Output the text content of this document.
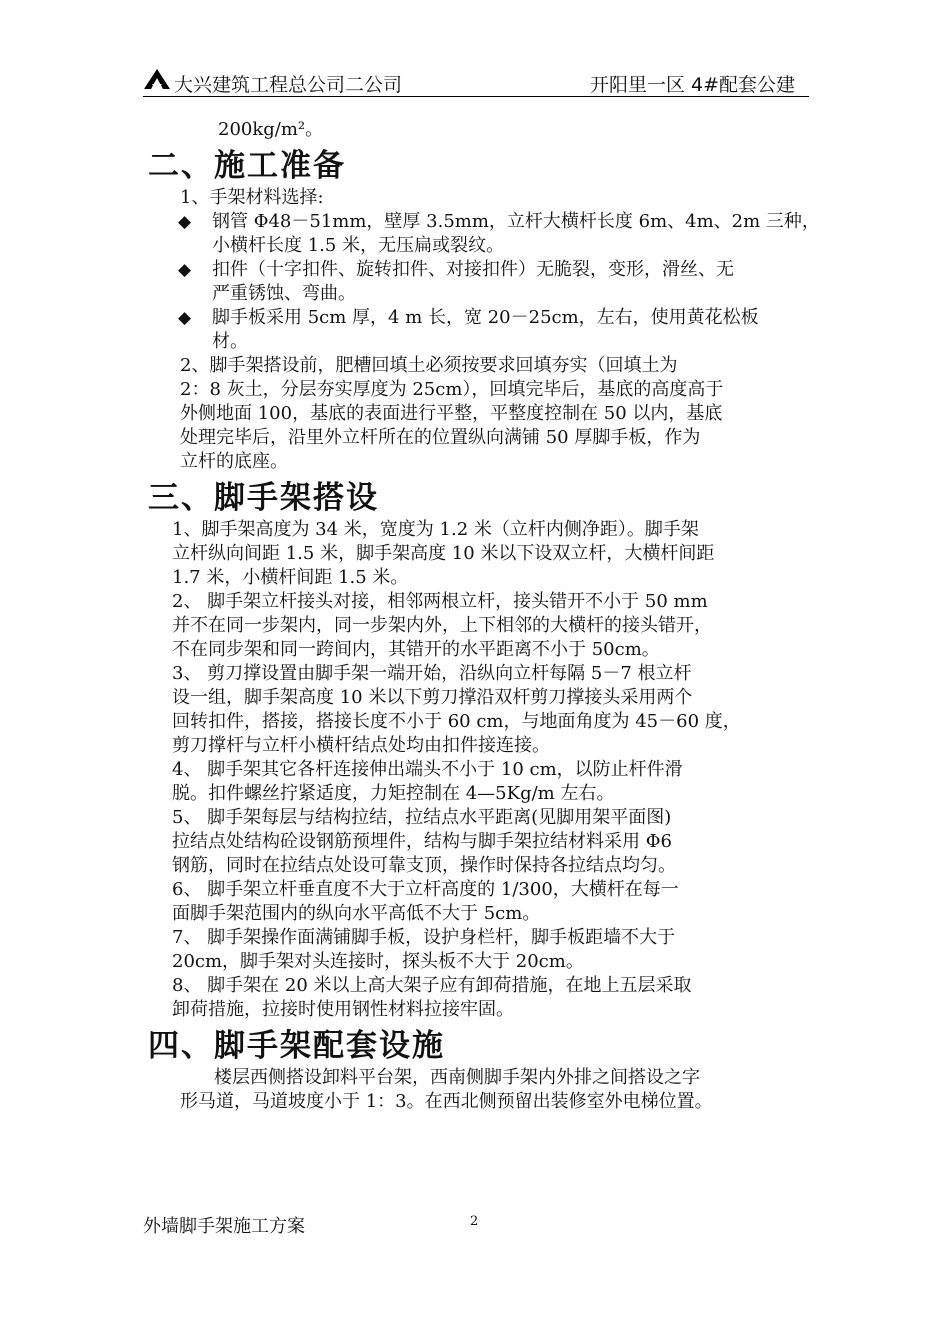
大兴建筑工程总公司二公司	开阳里一区 4#配套公建
200kg/m²。
二、施工准备
1、手架材料选择:
◆ 钢管 Φ48－51mm，壁厚 3.5mm，立杆大横杆长度 6m、4m、2m 三种，
小横杆长度 1.5 米，无压扁或裂纹。
◆ 扣件（十字扣件、旋转扣件、对接扣件）无脆裂，变形，滑丝、无
严重锈蚀、弯曲。
◆ 脚手板采用 5cm 厚，4 m 长，宽 20－25cm，左右，使用黄花松板
材。
2、脚手架搭设前，肥槽回填土必须按要求回填夯实（回填土为
2：8 灰土，分层夯实厚度为 25cm），回填完毕后，基底的高度高于
外侧地面 100，基底的表面进行平整，平整度控制在 50 以内，基底
处理完毕后，沿里外立杆所在的位置纵向满铺 50 厚脚手板，作为
立杆的底座。
三、脚手架搭设
1、脚手架高度为 34 米，宽度为 1.2 米（立杆内侧净距）。脚手架
立杆纵向间距 1.5 米，脚手架高度 10 米以下设双立杆，大横杆间距
1.7 米，小横杆间距 1.5 米。
2、 脚手架立杆接头对接，相邻两根立杆，接头错开不小于 50 mm
并不在同一步架内，同一步架内外，上下相邻的大横杆的接头错开，
不在同步架和同一跨间内，其错开的水平距离不小于 50cm。
3、 剪刀撑设置由脚手架一端开始，沿纵向立杆每隔 5－7 根立杆
设一组，脚手架高度 10 米以下剪刀撑沿双杆剪刀撑接头采用两个
回转扣件，搭接，搭接长度不小于 60 cm，与地面角度为 45－60 度，
剪刀撑杆与立杆小横杆结点处均由扣件接连接。
4、 脚手架其它各杆连接伸出端头不小于 10 cm，以防止杆件滑
脱。扣件螺丝拧紧适度，力矩控制在 4—5Kg/m 左右。
5、 脚手架每层与结构拉结，拉结点水平距离(见脚用架平面图)
拉结点处结构砼设钢筋预埋件，结构与脚手架拉结材料采用 Φ6
钢筋，同时在拉结点处设可靠支顶，操作时保持各拉结点均匀。
6、 脚手架立杆垂直度不大于立杆高度的 1/300，大横杆在每一
面脚手架范围内的纵向水平高低不大于 5cm。
7、 脚手架操作面满铺脚手板，设护身栏杆，脚手板距墙不大于
20cm，脚手架对头连接时，探头板不大于 20cm。
8、 脚手架在 20 米以上高大架子应有卸荷措施，在地上五层采取
卸荷措施，拉接时使用钢性材料拉接牢固。
四、脚手架配套设施
楼层西侧搭设卸料平台架，西南侧脚手架内外排之间搭设之字
形马道，马道坡度小于 1：3。在西北侧预留出装修室外电梯位置。
外墙脚手架施工方案	2
